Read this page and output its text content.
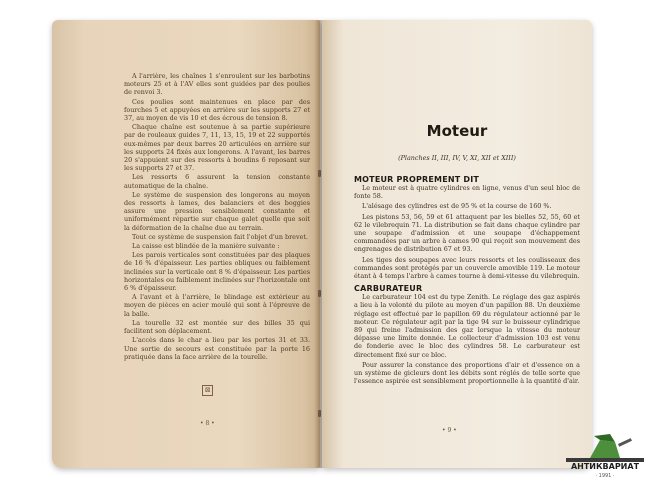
A l'arrière, les chaînes 1 s'enroulent sur les barbotins moteurs 25 et à l'AV elles sont guidées par des poulies de renvoi 3.

Ces poulies sont maintenues en place par des fourches 5 et appuyées en arrière sur les supports 27 et 37, au moyen de vis 10 et des écrous de tension 8.

Chaque chaîne est soutenue à sa partie supérieure par de rouleaux guides 7, 11, 13, 15, 19 et 22 supportés eux-mêmes par deux barres 20 articulées en arrière sur les supports 24 fixés aux longerons. A l'avant, les barres 20 s'appuient sur des ressorts à boudins 6 reposant sur les supports 27 et 37.

Les ressorts 6 assurent la tension constante automatique de la chaîne.

Le système de suspension des longerons au moyen des ressorts à lames, des balanciers et des boggies assure une pression sensiblement constante et uniformément répartie sur chaque galet quelle que soit la déformation de la chaîne due au terrain.

Tout ce système de suspension fait l'objet d'un brevet.

La caisse est blindée de la manière suivante :

Les parois verticales sont constituées par des plaques de 16 % d'épaisseur. Les parties obliques ou faiblement inclinées sur la verticale ont 8 % d'épaisseur. Les parties horizontales ou faiblement inclinées sur l'horizontale ont 6 % d'épaisseur.

A l'avant et à l'arrière, le blindage est extérieur au moyen de pièces en acier moulé qui sont à l'épreuve de la balle.

La tourelle 32 est montée sur des billes 35 qui facilitent son déplacement.

L'accès dans le char a lieu par les portes 31 et 33. Une sortie de secours est constituée par la porte 16 pratiquée dans la face arrière de la tourelle.

⊠
• 8 •
Moteur
(Planches II, III, IV, V, XI, XII et XIII)
MOTEUR PROPREMENT DIT

Le moteur est à quatre cylindres en ligne, venus d'un seul bloc de fonte 58.

L'alésage des cylindres est de 95 % et la course de 160 %.

Les pistons 53, 56, 59 et 61 attaquent par les bielles 52, 55, 60 et 62 le vilebrequin 71. La distribution se fait dans chaque cylindre par une soupape d'admission et une soupape d'échappement commandées par un arbre à cames 90 qui reçoit son mouvement des engrenages de distribution 67 et 93.

Les tiges des soupapes avec leurs ressorts et les coulisseaux des commandes sont protégés par un couvercle amovible 119. Le moteur étant à 4 temps l'arbre à cames tourne à demi-vitesse du vilebrequin.

CARBURATEUR

Le carburateur 104 est du type Zenith. Le réglage des gaz aspirés a lieu à la volonté du pilote au moyen d'un papillon 88. Un deuxième réglage est effectué par le papillon 69 du régulateur actionné par le moteur. Ce régulateur agit par la tige 94 sur le buisseur cylindrique 89 qui freine l'admission des gaz lorsque la vitesse du moteur dépasse une limite donnée. Le collecteur d'admission 103 est venu de fonderie avec le bloc des cylindres 58. Le carburateur est directement fixé sur ce bloc.

Pour assurer la constance des proportions d'air et d'essence on a un système de gicleurs dont les débits sont réglés de telle sorte que l'essence aspirée est sensiblement proportionnelle à la quantité d'air.

• 9 •
АНТИКВАРИАТ
· 1991 ·
